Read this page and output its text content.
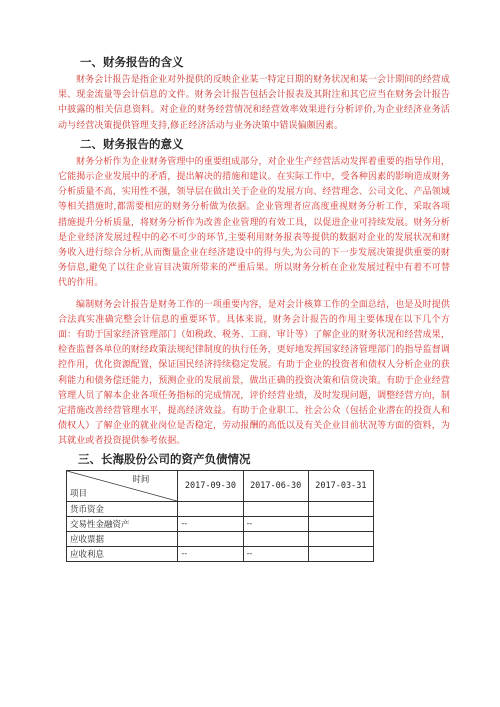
一、财务报告的含义

财务会计报告是指企业对外提供的反映企业某一特定日期的财务状况和某一会计期间的经营成果、现金流量等会计信息的文件。财务会计报告包括会计报表及其附注和其它应当在财务会计报告中披露的相关信息资料。对企业的财务经营情况和经营效率效果进行分析评价,为企业经济业务活动与经营决策提供管理支持,修正经济活动与业务决策中错误偏颇因素。

二、财务报告的意义

财务分析作为企业财务管理中的重要组成部分，对企业生产经营活动发挥着重要的指导作用，它能揭示企业发展中的矛盾，提出解决的措施和建议。在实际工作中，受各种因素的影响造成财务分析质量不高，实用性不强，领导层在做出关于企业的发展方向、经营理念、公司文化、产品领域等相关措施时,都需要相应的财务分析做为依据。企业管理者应高度重视财务分析工作，采取各项措施提升分析质量，将财务分析作为改善企业管理的有效工具，以促进企业可持续发展。财务分析是企业经济发展过程中的必不可少的环节,主要利用财务报表等提供的数据对企业的发展状况和财务收入进行综合分析,从而衡量企业在经济建设中的得与失,为公司的下一步发展决策提供重要的财务信息,避免了以往企业盲目决策所带来的严重后果。所以财务分析在企业发展过程中有着不可替代的作用。

编制财务会计报告是财务工作的一项重要内容，是对会计核算工作的全面总结，也是及时提供合法真实准确完整会计信息的重要环节。具体来说，财务会计报告的作用主要体现在以下几个方面：有助于国家经济管理部门（如税政、税务、工商、审计等）了解企业的财务状况和经营成果，检查监督各单位的财经政策法规纪律制度的执行任务，更好地发挥国家经济管理部门的指导监督调控作用，优化资源配置，保证国民经济持续稳定发展。有助于企业的投资者和债权人分析企业的获利能力和债务偿还能力，预测企业的发展前景，做出正确的投资决策和信贷决策。有助于企业经营管理人员了解本企业各项任务指标的完成情况，评价经营业绩，及时发现问题，调整经营方向，制定措施改善经营管理水平，提高经济效益。有助于企业职工、社会公众（包括企业潜在的投资人和债权人）了解企业的就业岗位是否稳定，劳动报酬的高低以及有关企业目前状况等方面的资料，为其就业或者投资提供参考依据。

三、长海股份公司的资产负债情况
时间
项目	2017-09-30	2017-06-30	2017-03-31
货币资金			
交易性金融资产	--	--	
应收票据			
应收利息	--	--	
